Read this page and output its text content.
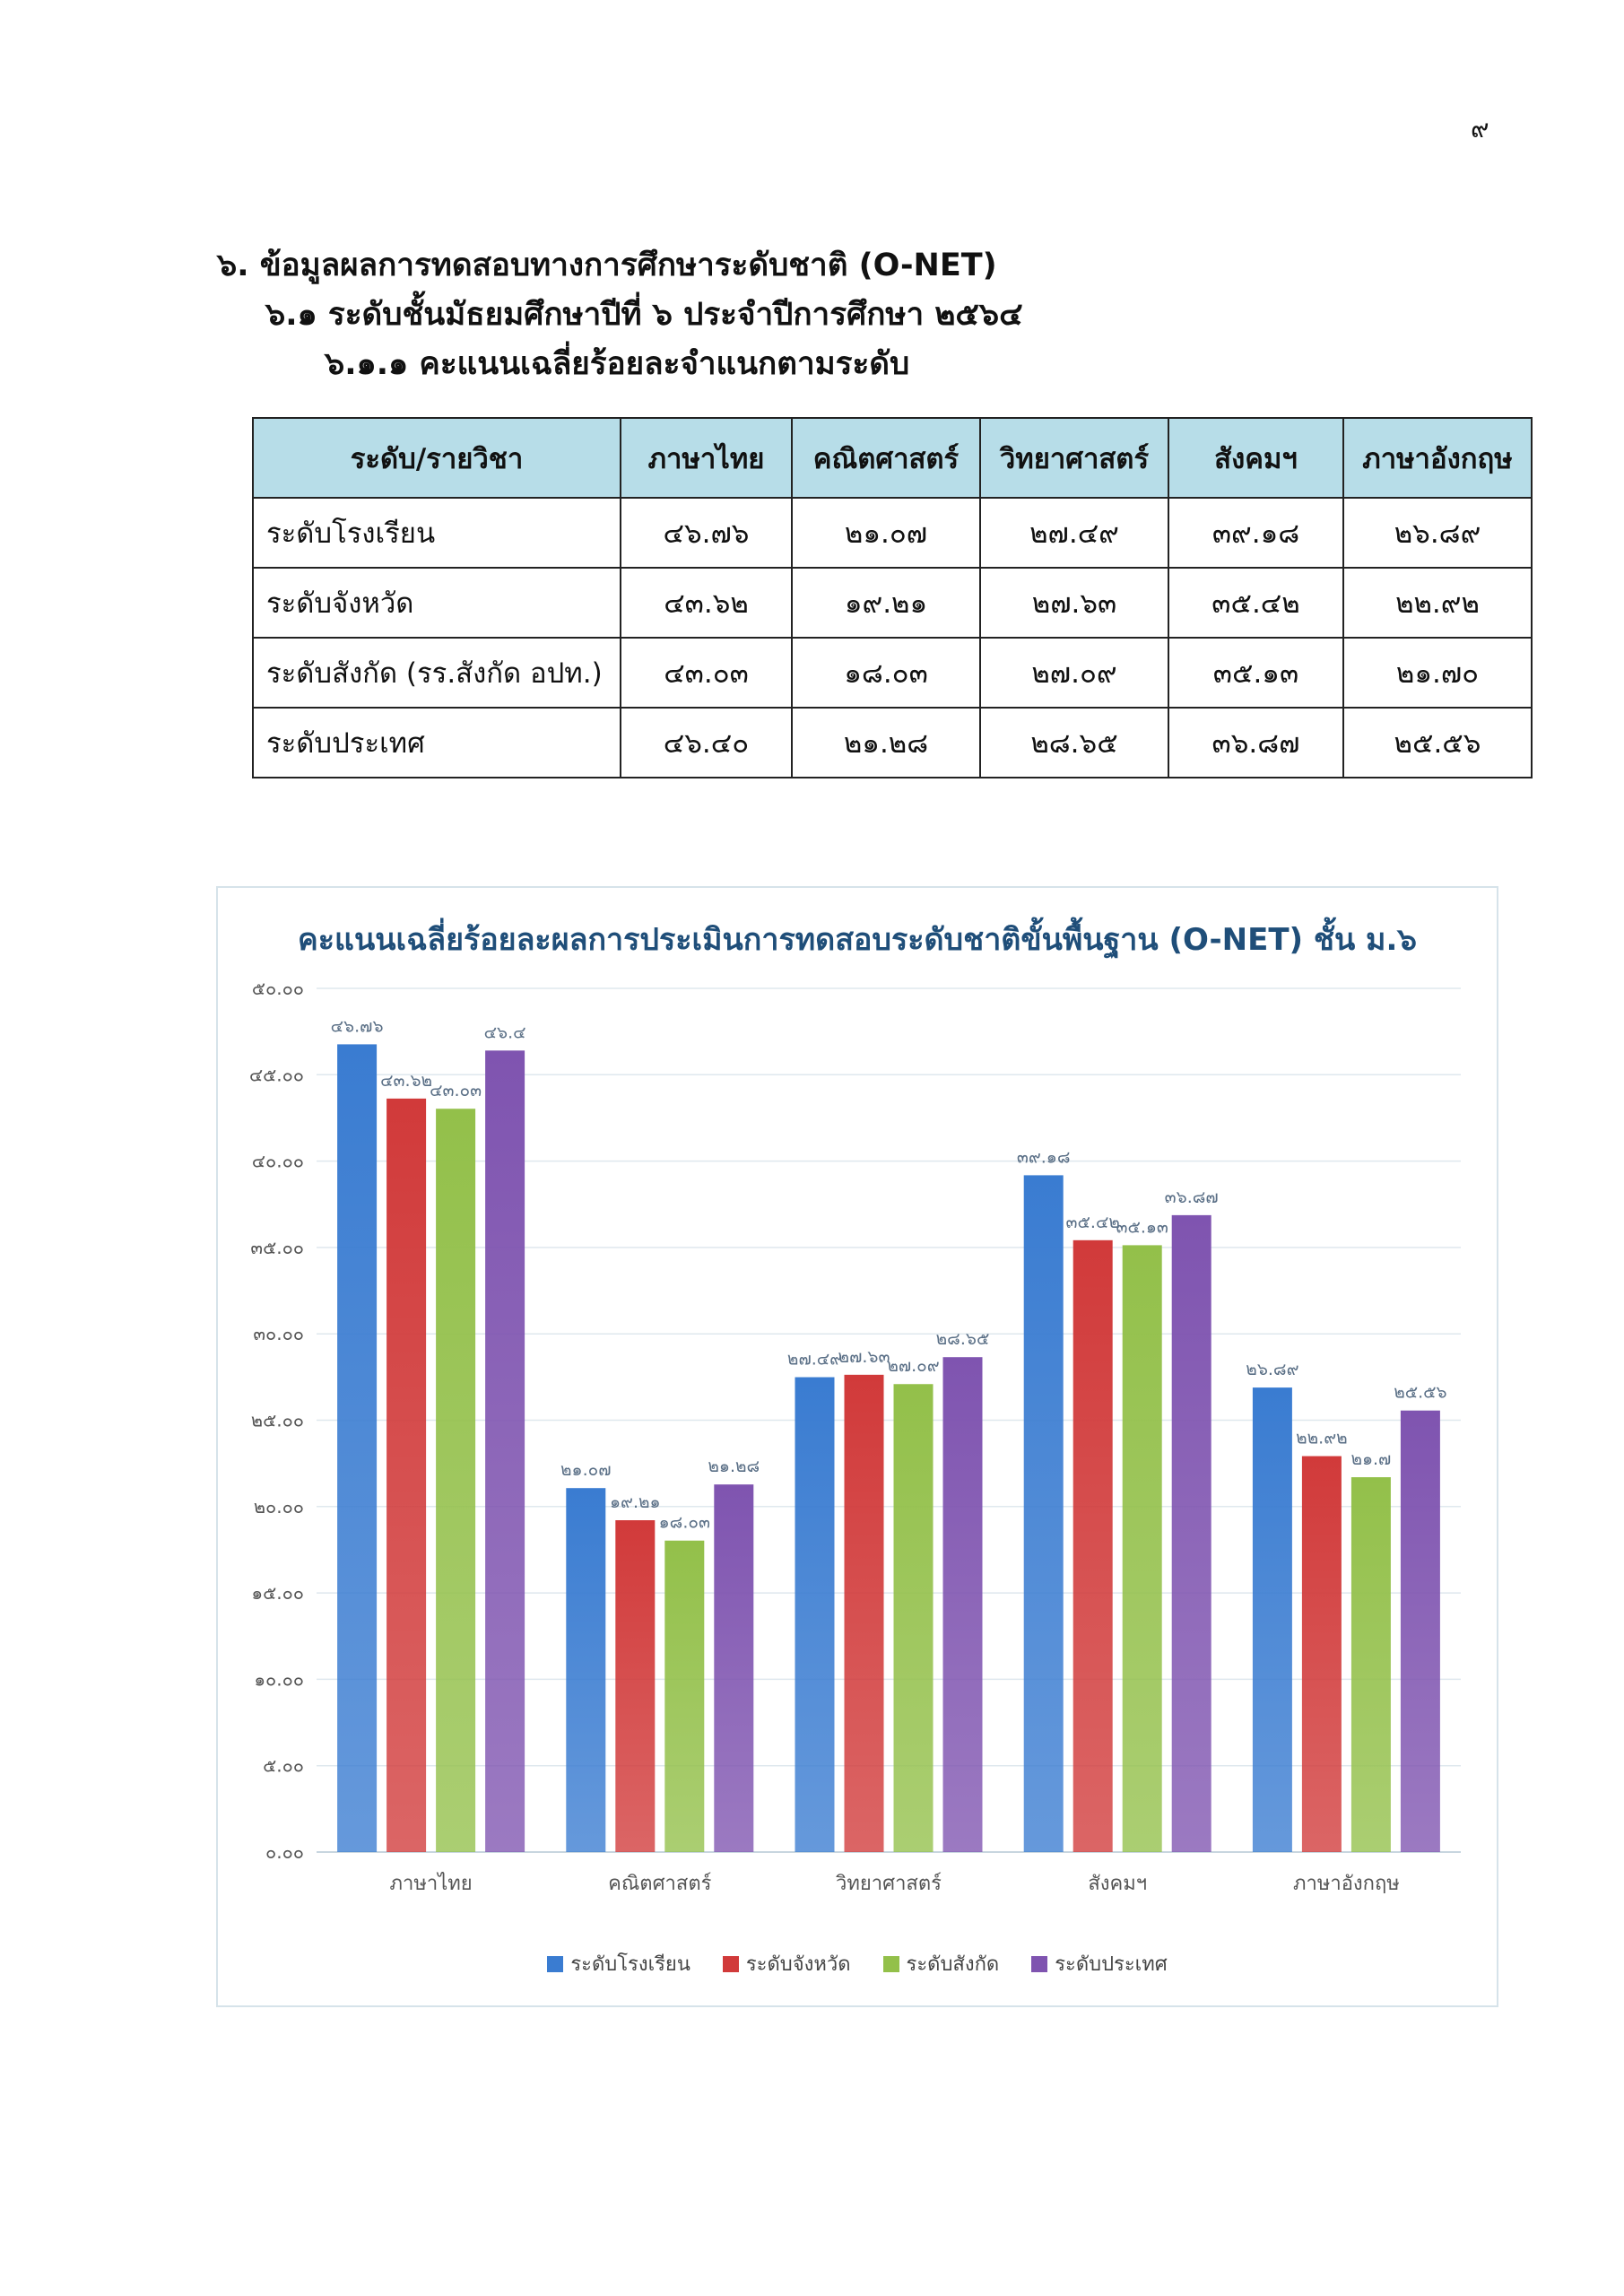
๙
๖. ข้อมูลผลการทดสอบทางการศึกษาระดับชาติ (O-NET)
๖.๑ ระดับชั้นมัธยมศึกษาปีที่ ๖ ประจำปีการศึกษา ๒๕๖๔
๖.๑.๑ คะแนนเฉลี่ยร้อยละจำแนกตามระดับ
ระดับ/รายวิชา	ภาษาไทย	คณิตศาสตร์	วิทยาศาสตร์	สังคมฯ	ภาษาอังกฤษ
ระดับโรงเรียน	๔๖.๗๖	๒๑.๐๗	๒๗.๔๙	๓๙.๑๘	๒๖.๘๙
ระดับจังหวัด	๔๓.๖๒	๑๙.๒๑	๒๗.๖๓	๓๕.๔๒	๒๒.๙๒
ระดับสังกัด (รร.สังกัด อปท.)	๔๓.๐๓	๑๘.๐๓	๒๗.๐๙	๓๕.๑๓	๒๑.๗๐
ระดับประเทศ	๔๖.๔๐	๒๑.๒๘	๒๘.๖๕	๓๖.๘๗	๒๕.๕๖
คะแนนเฉลี่ยร้อยละผลการประเมินการทดสอบระดับชาติขั้นพื้นฐาน (O-NET) ชั้น ม.๖
๐.๐๐
๕.๐๐
๑๐.๐๐
๑๕.๐๐
๒๐.๐๐
๒๕.๐๐
๓๐.๐๐
๓๕.๐๐
๔๐.๐๐
๔๕.๐๐
๕๐.๐๐
๔๖.๗๖
๔๓.๖๒
๔๓.๐๓
๔๖.๔
ภาษาไทย
๒๑.๐๗
๑๙.๒๑
๑๘.๐๓
๒๑.๒๘
คณิตศาสตร์
๒๗.๔๙
๒๗.๖๓
๒๗.๐๙
๒๘.๖๕
วิทยาศาสตร์
๓๙.๑๘
๓๕.๔๒
๓๕.๑๓
๓๖.๘๗
สังคมฯ
๒๖.๘๙
๒๒.๙๒
๒๑.๗
๒๕.๕๖
ภาษาอังกฤษ
ระดับโรงเรียน	ระดับจังหวัด	ระดับสังกัด	ระดับประเทศ
